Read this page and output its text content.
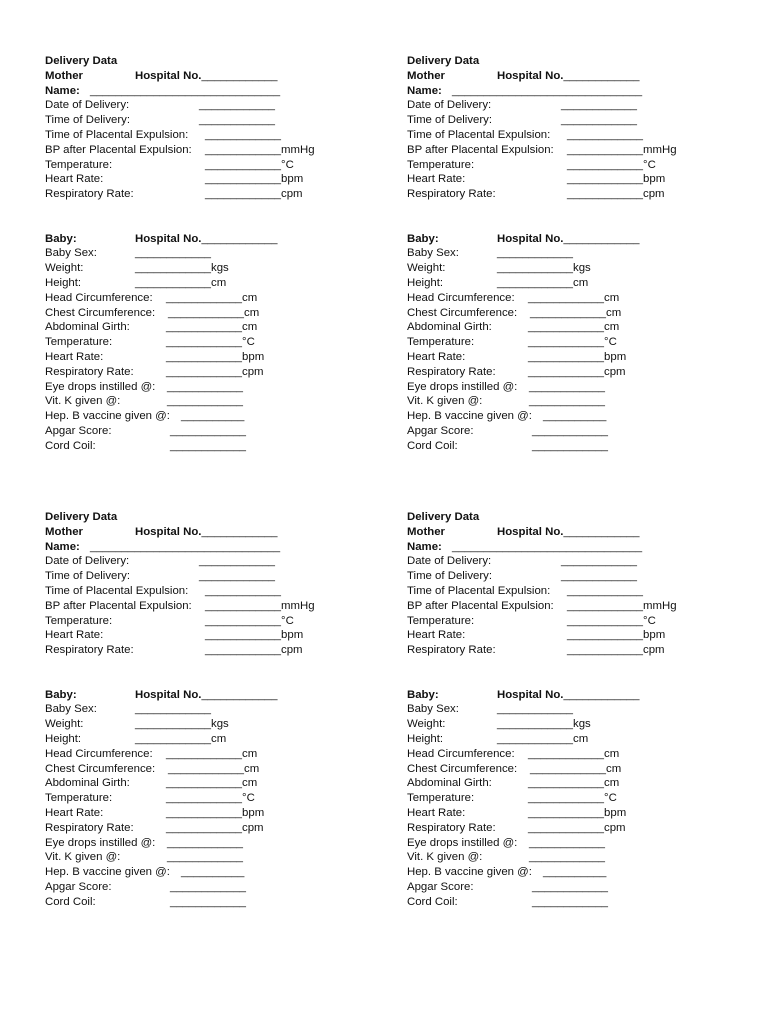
Delivery Data
Mother	Hospital No.____________
Name: ______________________________
Date of Delivery:	____________
Time of Delivery:	____________
Time of Placental Expulsion: ____________
BP after Placental Expulsion: ____________mmHg
Temperature:	____________°C
Heart Rate:	____________bpm
Respiratory Rate:	____________cpm
Baby:	Hospital No.____________
Baby Sex:	____________
Weight:	____________kgs
Height:	____________cm
Head Circumference: ____________cm
Chest Circumference: ____________cm
Abdominal Girth:	____________cm
Temperature:	____________°C
Heart Rate:	____________bpm
Respiratory Rate:	____________cpm
Eye drops instilled @: ____________
Vit. K given @:	____________
Hep. B vaccine given @: __________
Apgar Score:	____________
Cord Coil:	____________
Delivery Data
Mother	Hospital No.____________
Name: ______________________________
Date of Delivery:	____________
Time of Delivery:	____________
Time of Placental Expulsion: ____________
BP after Placental Expulsion: ____________mmHg
Temperature:	____________°C
Heart Rate:	____________bpm
Respiratory Rate:	____________cpm
Baby:	Hospital No.____________
Baby Sex:	____________
Weight:	____________kgs
Height:	____________cm
Head Circumference: ____________cm
Chest Circumference: ____________cm
Abdominal Girth:	____________cm
Temperature:	____________°C
Heart Rate:	____________bpm
Respiratory Rate:	____________cpm
Eye drops instilled @: ____________
Vit. K given @:	____________
Hep. B vaccine given @: __________
Apgar Score:	____________
Cord Coil:	____________
Delivery Data
Mother	Hospital No.____________
Name: ______________________________
Date of Delivery:	____________
Time of Delivery:	____________
Time of Placental Expulsion: ____________
BP after Placental Expulsion: ____________mmHg
Temperature:	____________°C
Heart Rate:	____________bpm
Respiratory Rate:	____________cpm
Baby:	Hospital No.____________
Baby Sex:	____________
Weight:	____________kgs
Height:	____________cm
Head Circumference: ____________cm
Chest Circumference: ____________cm
Abdominal Girth:	____________cm
Temperature:	____________°C
Heart Rate:	____________bpm
Respiratory Rate:	____________cpm
Eye drops instilled @: ____________
Vit. K given @:	____________
Hep. B vaccine given @: __________
Apgar Score:	____________
Cord Coil:	____________
Delivery Data
Mother	Hospital No.____________
Name: ______________________________
Date of Delivery:	____________
Time of Delivery:	____________
Time of Placental Expulsion: ____________
BP after Placental Expulsion: ____________mmHg
Temperature:	____________°C
Heart Rate:	____________bpm
Respiratory Rate:	____________cpm
Baby:	Hospital No.____________
Baby Sex:	____________
Weight:	____________kgs
Height:	____________cm
Head Circumference: ____________cm
Chest Circumference: ____________cm
Abdominal Girth:	____________cm
Temperature:	____________°C
Heart Rate:	____________bpm
Respiratory Rate:	____________cpm
Eye drops instilled @: ____________
Vit. K given @:	____________
Hep. B vaccine given @: __________
Apgar Score:	____________
Cord Coil:	____________
